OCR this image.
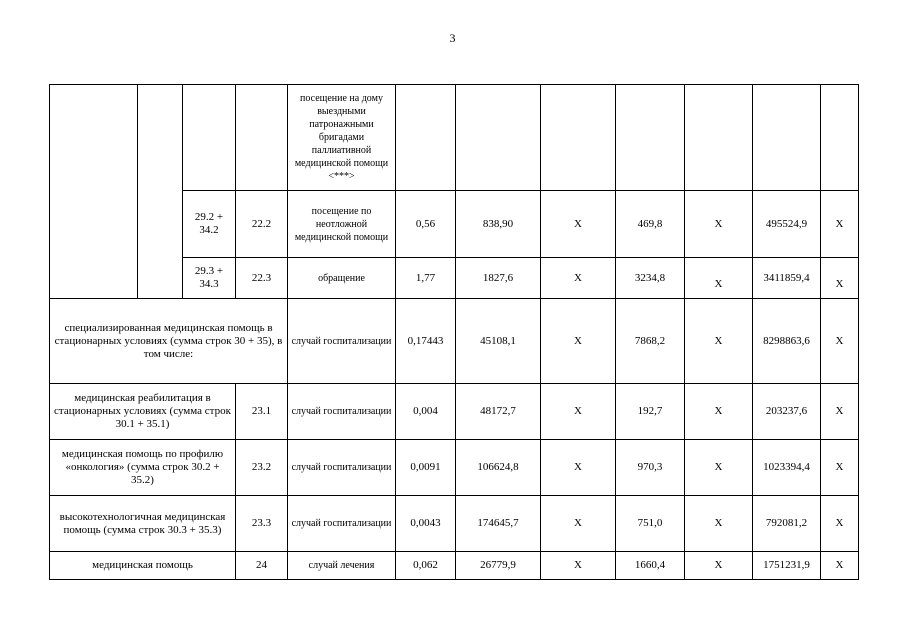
3
				посещение на дому выездными патронажными бригадами паллиативной медицинской помощи <***>							
		29.2 + 34.2	22.2	посещение по неотложной медицинской помощи	0,56	838,90	X	469,8	X	495524,9	X
		29.3 + 34.3	22.3	обращение	1,77	1827,6	X	3234,8	X	3411859,4	X

специализированная медицинская помощь в стационарных условиях (сумма строк 30 + 35), в том числе:				случай госпитализации	0,17443	45108,1	X	7868,2	X	8298863,6	X
медицинская реабилитация в стационарных условиях (сумма строк 30.1 + 35.1)			23.1	случай госпитализации	0,004	48172,7	X	192,7	X	203237,6	X
медицинская помощь по профилю «онкология» (сумма строк 30.2 + 35.2)			23.2	случай госпитализации	0,0091	106624,8	X	970,3	X	1023394,4	X
высокотехнологичная медицинская помощь (сумма строк 30.3 + 35.3)			23.3	случай госпитализации	0,0043	174645,7	X	751,0	X	792081,2	X
медицинская помощь			24	случай лечения	0,062	26779,9	X	1660,4	X	1751231,9	X
